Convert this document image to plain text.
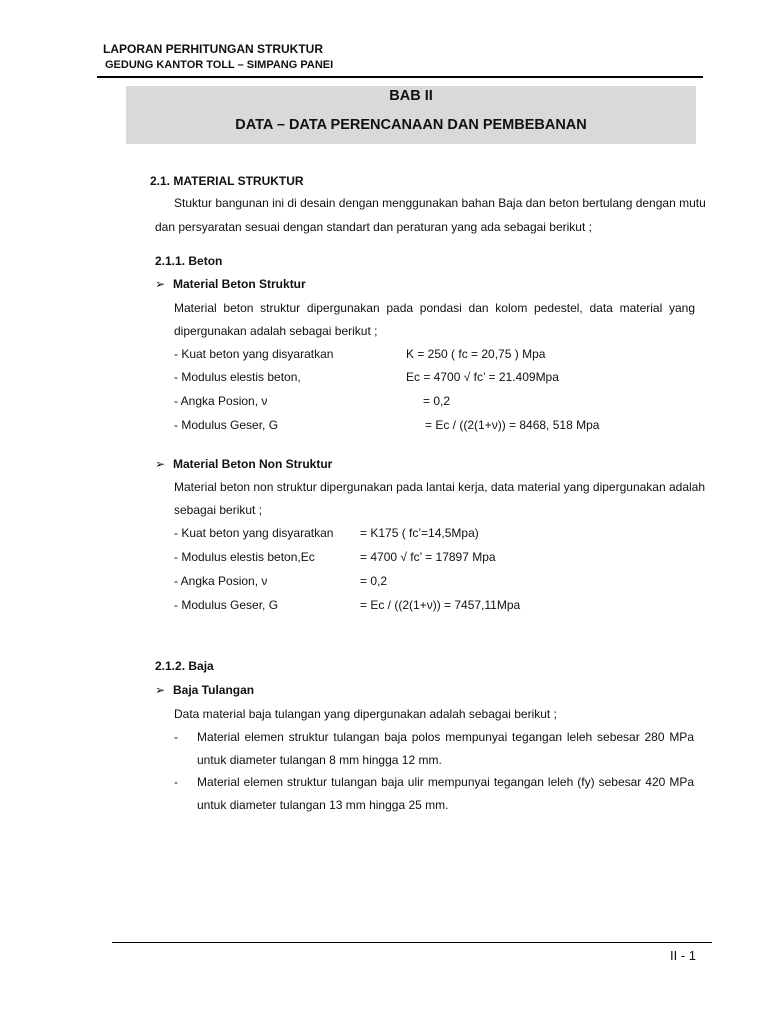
LAPORAN PERHITUNGAN STRUKTUR
GEDUNG KANTOR TOLL – SIMPANG PANEI
BAB II
DATA – DATA PERENCANAAN DAN PEMBEBANAN
2.1. MATERIAL STRUKTUR
Stuktur bangunan ini di desain dengan menggunakan bahan Baja dan beton bertulang dengan mutu
dan persyaratan sesuai dengan standart dan peraturan yang ada sebagai berikut ;
2.1.1. Beton
➢ Material Beton Struktur
Material beton struktur dipergunakan pada pondasi dan kolom pedestel, data material yang
dipergunakan adalah sebagai berikut ;
- Kuat beton yang disyaratkan	K = 250 ( fc = 20,75 ) Mpa
- Modulus elestis beton,	Ec = 4700 √ fc’ = 21.409Mpa
- Angka Posion, ν	= 0,2
- Modulus Geser, G	= Ec / ((2(1+ν)) = 8468, 518 Mpa
➢ Material Beton Non Struktur
Material beton non struktur dipergunakan pada lantai kerja, data material yang dipergunakan adalah
sebagai berikut ;
- Kuat beton yang disyaratkan = K175 ( fc’=14,5Mpa)
- Modulus elestis beton,Ec	= 4700 √ fc’ = 17897 Mpa
- Angka Posion, ν	= 0,2
- Modulus Geser, G	= Ec / ((2(1+ν)) = 7457,11Mpa
2.1.2. Baja
➢ Baja Tulangan
Data material baja tulangan yang dipergunakan adalah sebagai berikut ;
- Material elemen struktur tulangan baja polos mempunyai tegangan leleh sebesar 280 MPa
untuk diameter tulangan 8 mm hingga 12 mm.
- Material elemen struktur tulangan baja ulir mempunyai tegangan leleh (fy) sebesar 420 MPa
untuk diameter tulangan 13 mm hingga 25 mm.
II - 1
